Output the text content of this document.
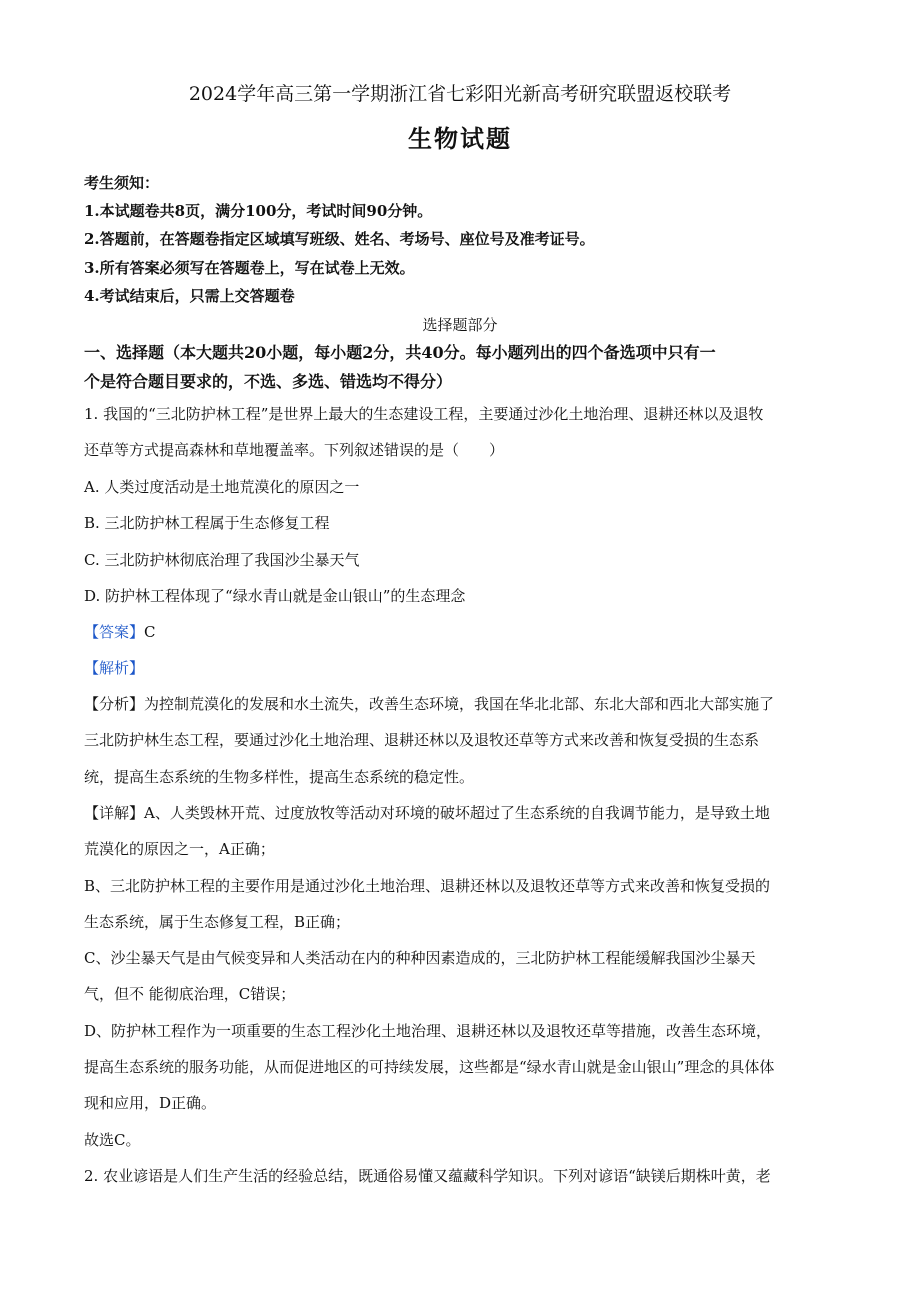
2024学年高三第一学期浙江省七彩阳光新高考研究联盟返校联考
生物试题
考生须知：
1.本试题卷共8页，满分100分，考试时间90分钟。
2.答题前，在答题卷指定区域填写班级、姓名、考场号、座位号及准考证号。
3.所有答案必须写在答题卷上，写在试卷上无效。
4.考试结束后，只需上交答题卷
选择题部分
一、选择题（本大题共20小题，每小题2分，共40分。每小题列出的四个备选项中只有一
个是符合题目要求的，不选、多选、错选均不得分）
1. 我国的“三北防护林工程”是世界上最大的生态建设工程，主要通过沙化土地治理、退耕还林以及退牧
还草等方式提高森林和草地覆盖率。下列叙述错误的是（　　）
A. 人类过度活动是土地荒漠化的原因之一
B. 三北防护林工程属于生态修复工程
C. 三北防护林彻底治理了我国沙尘暴天气
D. 防护林工程体现了“绿水青山就是金山银山”的生态理念
【答案】C
【解析】
【分析】为控制荒漠化的发展和水土流失，改善生态环境，我国在华北北部、东北大部和西北大部实施了
三北防护林生态工程，要通过沙化土地治理、退耕还林以及退牧还草等方式来改善和恢复受损的生态系
统，提高生态系统的生物多样性，提高生态系统的稳定性。
【详解】A、人类毁林开荒、过度放牧等活动对环境的破坏超过了生态系统的自我调节能力，是导致土地
荒漠化的原因之一，A正确；
B、三北防护林工程的主要作用是通过沙化土地治理、退耕还林以及退牧还草等方式来改善和恢复受损的
生态系统，属于生态修复工程，B正确；
C、沙尘暴天气是由气候变异和人类活动在内的种种因素造成的，三北防护林工程能缓解我国沙尘暴天
气，但不 能彻底治理，C错误；
D、防护林工程作为一项重要的生态工程沙化土地治理、退耕还林以及退牧还草等措施，改善生态环境，
提高生态系统的服务功能，从而促进地区的可持续发展，这些都是“绿水青山就是金山银山”理念的具体体
现和应用，D正确。
故选C。
2. 农业谚语是人们生产生活的经验总结，既通俗易懂又蕴藏科学知识。下列对谚语“缺镁后期株叶黄，老
